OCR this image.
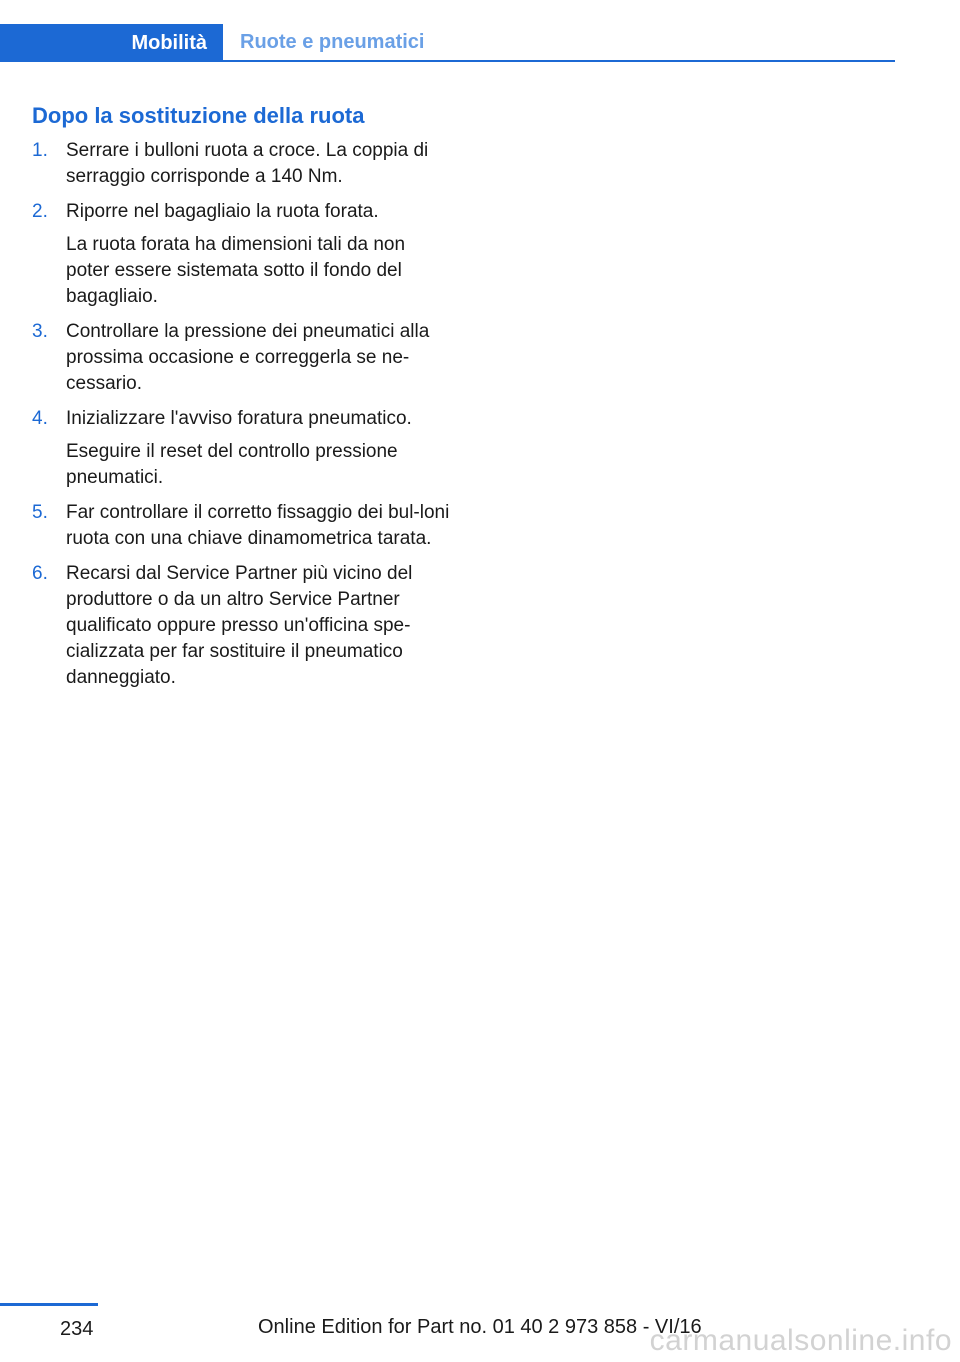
Mobilità Ruote e pneumatici
Dopo la sostituzione della ruota
1. Serrare i bulloni ruota a croce. La coppia di serraggio corrisponde a 140 Nm.

2. Riporre nel bagagliaio la ruota forata.

La ruota forata ha dimensioni tali da non poter essere sistemata sotto il fondo del bagagliaio.

3. Controllare la pressione dei pneumatici alla prossima occasione e correggerla se ne-cessario.

4. Inizializzare l'avviso foratura pneumatico.

Eseguire il reset del controllo pressione pneumatici.

5. Far controllare il corretto fissaggio dei bul-loni ruota con una chiave dinamometrica tarata.

6. Recarsi dal Service Partner più vicino del produttore o da un altro Service Partner qualificato oppure presso un'officina spe-cializzata per far sostituire il pneumatico danneggiato.

234	Online Edition for Part no. 01 40 2 973 858 - VI/16
carmanualsonline.info
